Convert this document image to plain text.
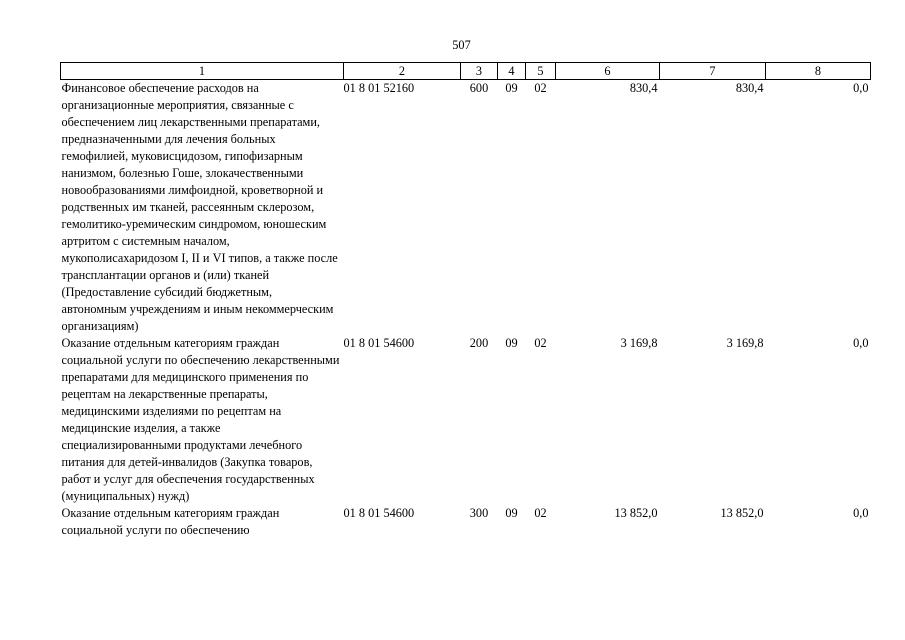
507
1	2	3	4	5	6	7	8
Финансовое обеспечение расходов на организационные мероприятия, связанные с обеспечением лиц лекарственными препаратами, предназначенными для лечения больных гемофилией, муковисцидозом, гипофизарным нанизмом, болезнью Гоше, злокачественными новообразованиями лимфоидной, кроветворной и родственных им тканей, рассеянным склерозом, гемолитико-уремическим синдромом, юношеским артритом с системным началом, мукополисахаридозом I, II и VI типов, а также после трансплантации органов и (или) тканей (Предоставление субсидий бюджетным, автономным учреждениям и иным некоммерческим организациям)	01 8 01 52160	600	09	02	830,4	830,4	0,0
Оказание отдельным категориям граждан социальной услуги по обеспечению лекарственными препаратами для медицинского применения по рецептам на лекарственные препараты, медицинскими изделиями по рецептам на медицинские изделия, а также специализированными продуктами лечебного питания для детей-инвалидов (Закупка товаров, работ и услуг для обеспечения государственных (муниципальных) нужд)	01 8 01 54600	200	09	02	3 169,8	3 169,8	0,0
Оказание отдельным категориям граждан социальной услуги по обеспечению	01 8 01 54600	300	09	02	13 852,0	13 852,0	0,0
